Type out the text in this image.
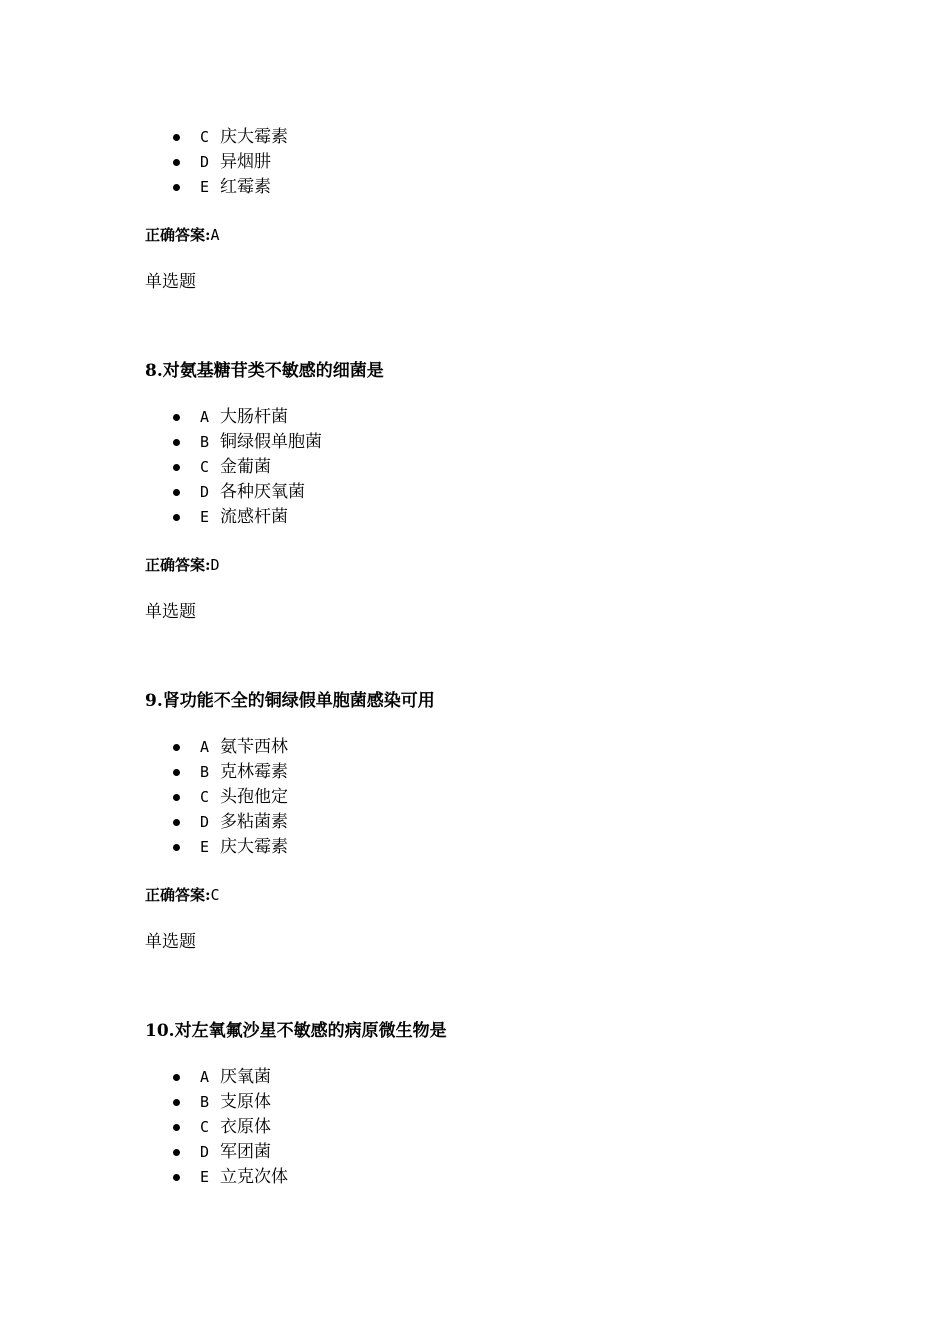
C 庆大霉素
D 异烟肼
E 红霉素
正确答案:A
单选题
8.对氨基糖苷类不敏感的细菌是
A 大肠杆菌
B 铜绿假单胞菌
C 金葡菌
D 各种厌氧菌
E 流感杆菌
正确答案:D
单选题
9.肾功能不全的铜绿假单胞菌感染可用
A 氨苄西林
B 克林霉素
C 头孢他定
D 多粘菌素
E 庆大霉素
正确答案:C
单选题
10.对左氧氟沙星不敏感的病原微生物是
A 厌氧菌
B 支原体
C 衣原体
D 军团菌
E 立克次体
